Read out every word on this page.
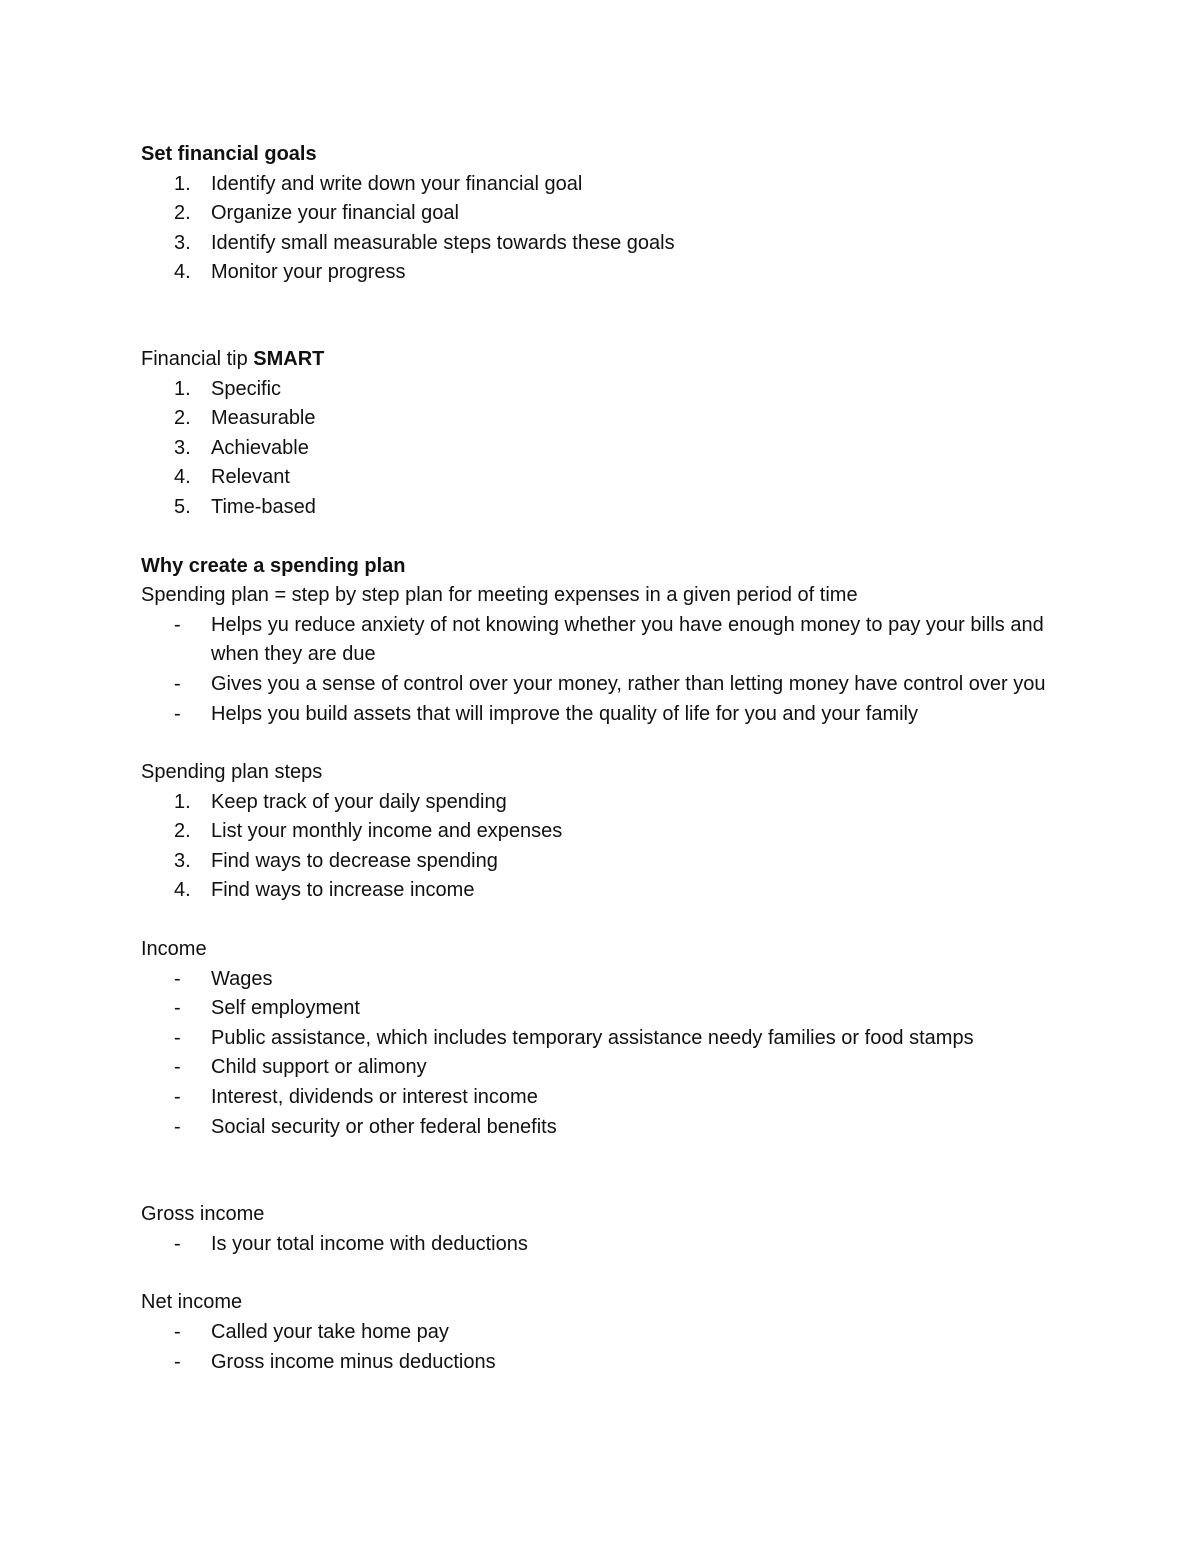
Set financial goals

1. Identify and write down your financial goal
2. Organize your financial goal
3. Identify small measurable steps towards these goals
4. Monitor your progress

Financial tip SMART

1. Specific
2. Measurable
3. Achievable
4. Relevant
5. Time-based

Why create a spending plan

Spending plan = step by step plan for meeting expenses in a given period of time

- Helps yu reduce anxiety of not knowing whether you have enough money to pay your bills and when they are due
- Gives you a sense of control over your money, rather than letting money have control over you
- Helps you build assets that will improve the quality of life for you and your family

Spending plan steps

1. Keep track of your daily spending
2. List your monthly income and expenses
3. Find ways to decrease spending
4. Find ways to increase income

Income

- Wages
- Self employment
- Public assistance, which includes temporary assistance needy families or food stamps
- Child support or alimony
- Interest, dividends or interest income
- Social security or other federal benefits

Gross income

- Is your total income with deductions

Net income

- Called your take home pay
- Gross income minus deductions
